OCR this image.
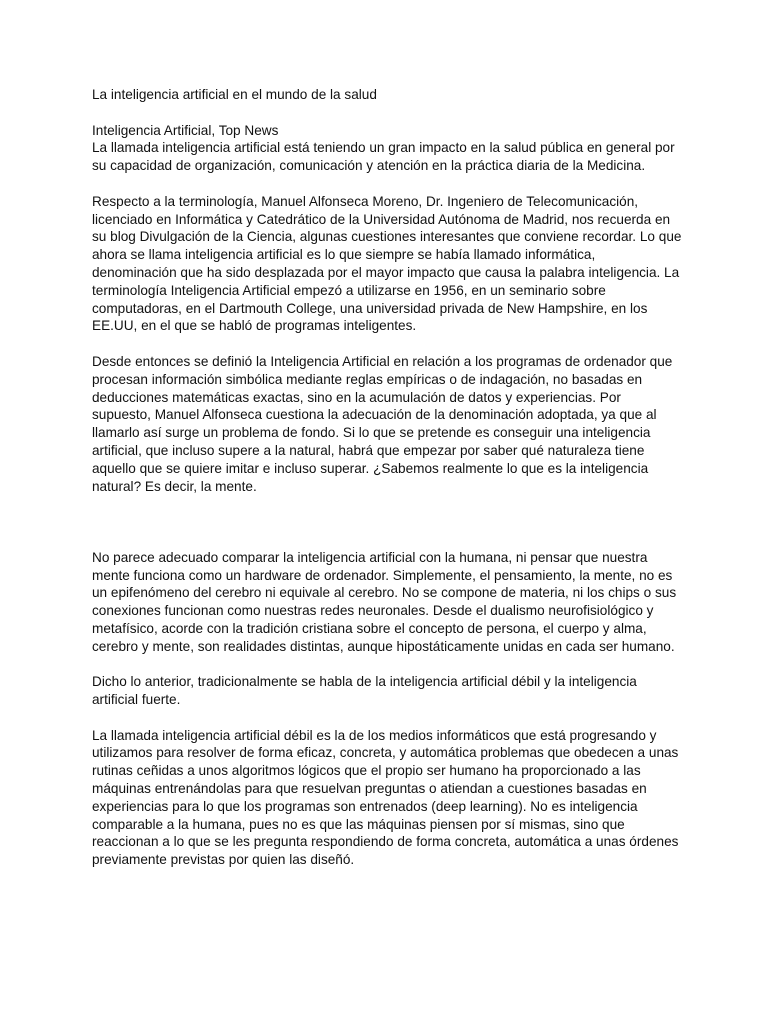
La inteligencia artificial en el mundo de la salud

Inteligencia Artificial, Top News

La llamada inteligencia artificial está teniendo un gran impacto en la salud pública en general por su capacidad de organización, comunicación y atención en la práctica diaria de la Medicina.

Respecto a la terminología, Manuel Alfonseca Moreno, Dr. Ingeniero de Telecomunicación, licenciado en Informática y Catedrático de la Universidad Autónoma de Madrid, nos recuerda en su blog Divulgación de la Ciencia, algunas cuestiones interesantes que conviene recordar. Lo que ahora se llama inteligencia artificial es lo que siempre se había llamado informática, denominación que ha sido desplazada por el mayor impacto que causa la palabra inteligencia. La terminología Inteligencia Artificial empezó a utilizarse en 1956, en un seminario sobre computadoras, en el Dartmouth College, una universidad privada de New Hampshire, en los EE.UU, en el que se habló de programas inteligentes.

Desde entonces se definió la Inteligencia Artificial en relación a los programas de ordenador que procesan información simbólica mediante reglas empíricas o de indagación, no basadas en deducciones matemáticas exactas, sino en la acumulación de datos y experiencias. Por supuesto, Manuel Alfonseca cuestiona la adecuación de la denominación adoptada, ya que al llamarlo así surge un problema de fondo. Si lo que se pretende es conseguir una inteligencia artificial, que incluso supere a la natural, habrá que empezar por saber qué naturaleza tiene aquello que se quiere imitar e incluso superar. ¿Sabemos realmente lo que es la inteligencia natural? Es decir, la mente.

No parece adecuado comparar la inteligencia artificial con la humana, ni pensar que nuestra mente funciona como un hardware de ordenador. Simplemente, el pensamiento, la mente, no es un epifenómeno del cerebro ni equivale al cerebro. No se compone de materia, ni los chips o sus conexiones funcionan como nuestras redes neuronales. Desde el dualismo neurofisiológico y metafísico, acorde con la tradición cristiana sobre el concepto de persona, el cuerpo y alma, cerebro y mente, son realidades distintas, aunque hipostáticamente unidas en cada ser humano.

Dicho lo anterior, tradicionalmente se habla de la inteligencia artificial débil y la inteligencia artificial fuerte.

La llamada inteligencia artificial débil es la de los medios informáticos que está progresando y utilizamos para resolver de forma eficaz, concreta, y automática problemas que obedecen a unas rutinas ceñidas a unos algoritmos lógicos que el propio ser humano ha proporcionado a las máquinas entrenándolas para que resuelvan preguntas o atiendan a cuestiones basadas en experiencias para lo que los programas son entrenados (deep learning). No es inteligencia comparable a la humana, pues no es que las máquinas piensen por sí mismas, sino que reaccionan a lo que se les pregunta respondiendo de forma concreta, automática a unas órdenes previamente previstas por quien las diseñó.
